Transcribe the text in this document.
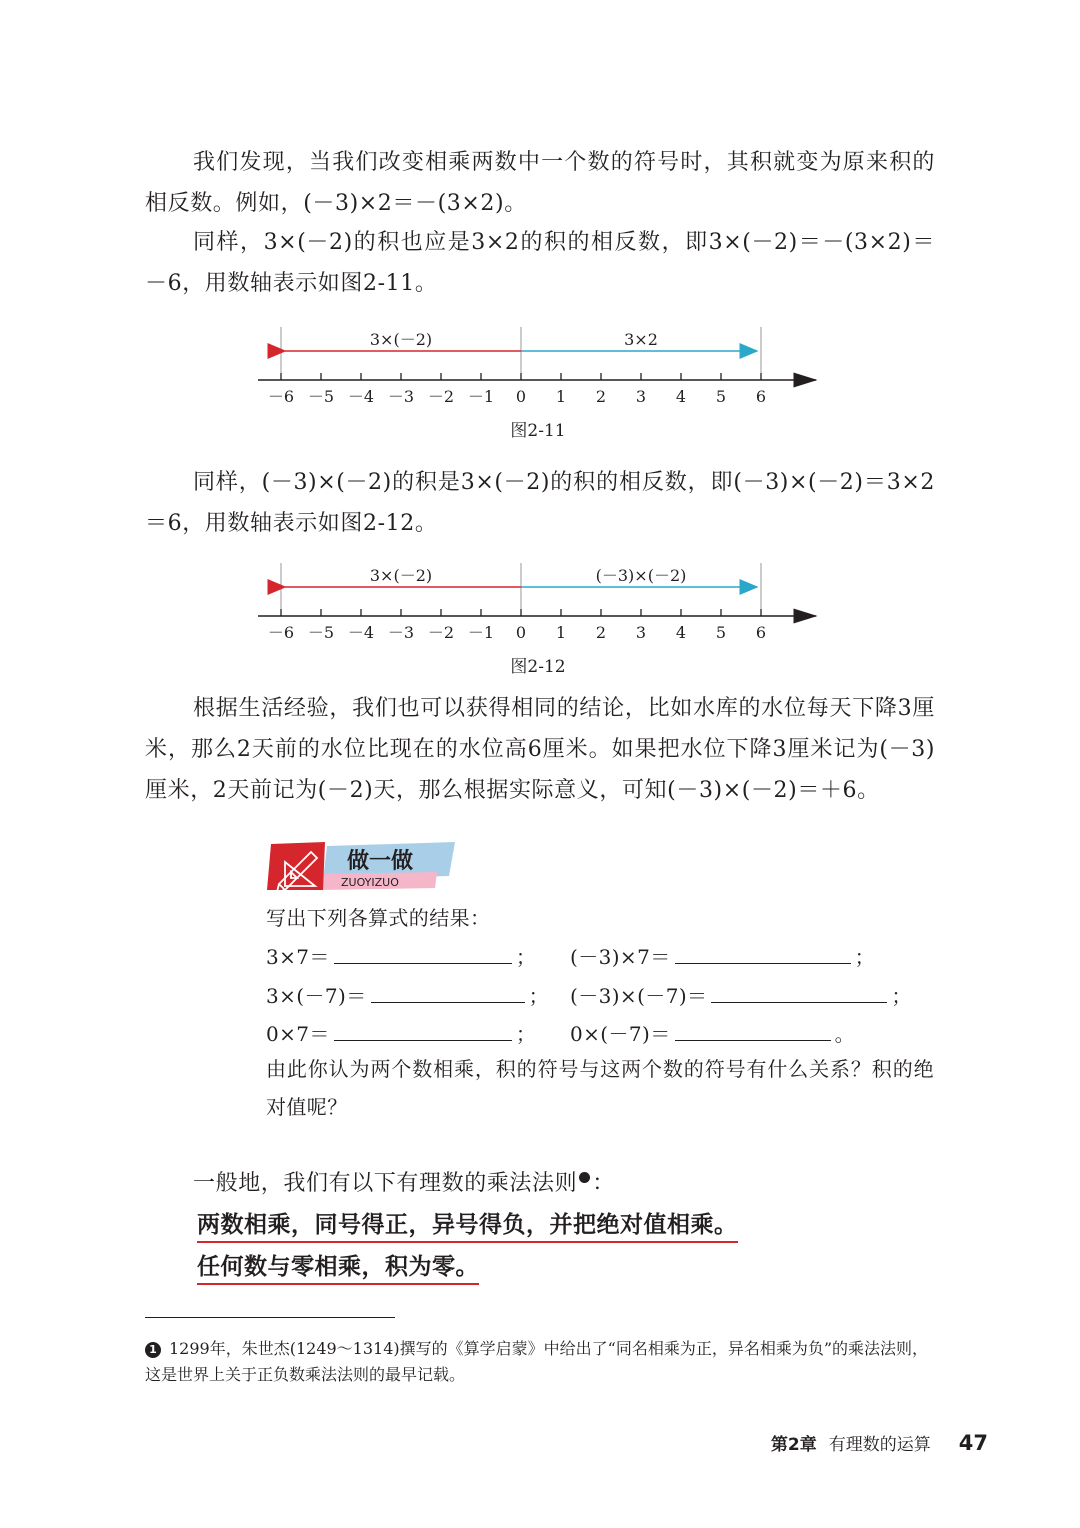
我们发现，当我们改变相乘两数中一个数的符号时，其积就变为原来积的相反数。例如，(－3)×2＝－(3×2)。

同样，3×(－2)的积也应是3×2的积的相反数，即3×(－2)＝－(3×2)＝－6，用数轴表示如图2-11。

3×(－2)	3×2
－6 －5 －4 －3 －2 －1 0 1 2 3 4 5 6
图2-11

同样，(－3)×(－2)的积是3×(－2)的积的相反数，即(－3)×(－2)＝3×2＝6，用数轴表示如图2-12。

3×(－2)	(－3)×(－2)
－6 －5 －4 －3 －2 －1 0 1 2 3 4 5 6
图2-12

根据生活经验，我们也可以获得相同的结论，比如水库的水位每天下降3厘米，那么2天前的水位比现在的水位高6厘米。如果把水位下降3厘米记为(－3)厘米，2天前记为(－2)天，那么根据实际意义，可知(－3)×(－2)＝＋6。

做一做
ZUOYIZUO
写出下列各算式的结果：
3×7＝	； (－3)×7＝	；
3×(－7)＝	； (－3)×(－7)＝	；
0×7＝	； 0×(－7)＝	。

由此你认为两个数相乘，积的符号与这两个数的符号有什么关系？积的绝对值呢？

一般地，我们有以下有理数的乘法法则	1：

两数相乘，同号得正，异号得负，并把绝对值相乘。
任何数与零相乘，积为零。

1 1299年，朱世杰(1249～1314)撰写的《算学启蒙》中给出了“同名相乘为正，异名相乘为负”的乘法法则，这是世界上关于正负数乘法法则的最早记载。

第2章 有理数的运算 47
